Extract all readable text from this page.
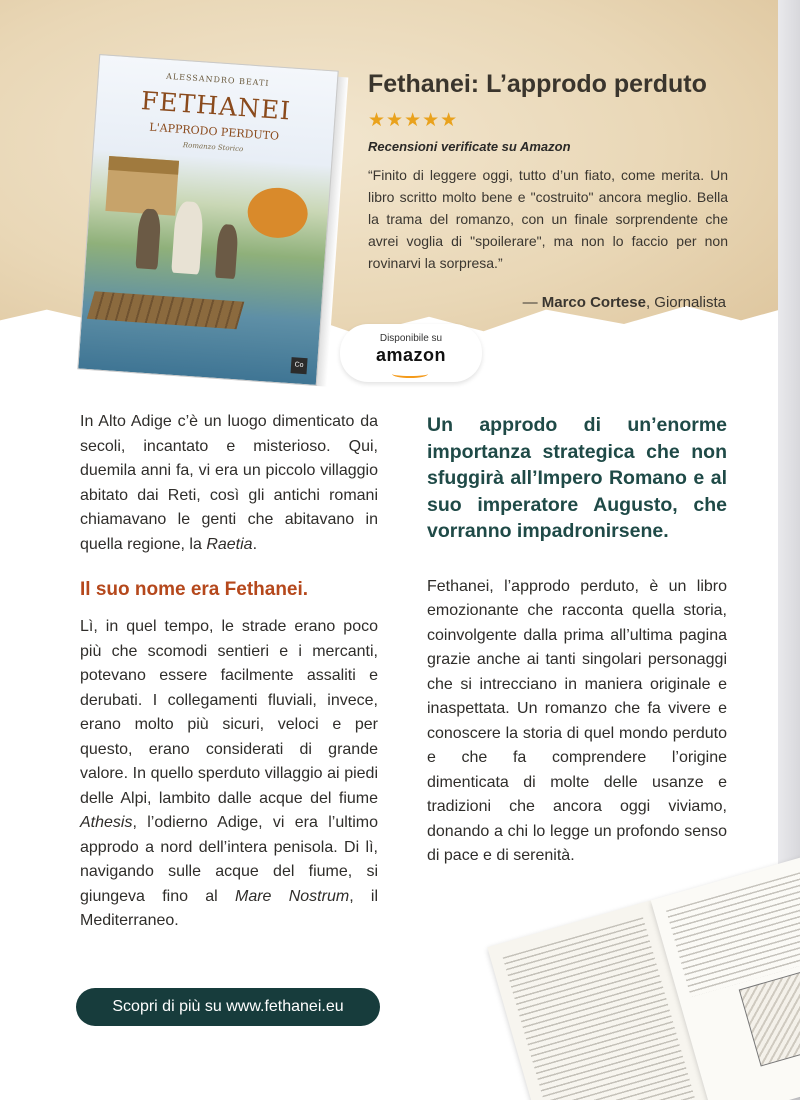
ALESSANDRO BEATI
FETHANEI
L'APPRODO PERDUTO
Romanzo Storico
Co
Fethanei: L’approdo perduto
★★★★★
Recensioni verificate su Amazon
“Finito di leggere oggi, tutto d’un fiato, come merita. Un libro scritto molto bene e "costruito" ancora meglio. Bella la trama del romanzo, con un finale sorprendente che avrei voglia di "spoilerare", ma non lo faccio per non rovinarvi la sorpresa.”
— Marco Cortese, Giornalista
Disponibile su
amazon

In Alto Adige c’è un luogo dimenticato da secoli, incantato e misterioso. Qui, duemila anni fa, vi era un piccolo villaggio abitato dai Reti, così gli antichi romani chiamavano le genti che abitavano in quella regione, la Raetia.

Il suo nome era Fethanei.

Lì, in quel tempo, le strade erano poco più che scomodi sentieri e i mercanti, potevano essere facilmente assaliti e derubati. I collegamenti fluviali, invece, erano molto più sicuri, veloci e per questo, erano considerati di grande valore. In quello sperduto villaggio ai piedi delle Alpi, lambito dalle acque del fiume Athesis, l’odierno Adige, vi era l’ultimo approdo a nord dell’intera penisola. Di lì, navigando sulle acque del fiume, si giungeva fino al Mare Nostrum, il Mediterraneo.

Un approdo di un’enorme importanza strategica che non sfuggirà all’Impero Romano e al suo imperatore Augusto, che vorranno impadronirsene.

Fethanei, l’approdo perduto, è un libro emozionante che racconta quella storia, coinvolgente dalla prima all’ultima pagina grazie anche ai tanti singolari personaggi che si intrecciano in maniera originale e inaspettata. Un romanzo che fa vivere e conoscere la storia di quel mondo perduto e che fa comprendere l’origine dimenticata di molte delle usanze e tradizioni che ancora oggi viviamo, donando a chi lo legge un profondo senso di pace e di serenità.

Scopri di più su www.fethanei.eu
